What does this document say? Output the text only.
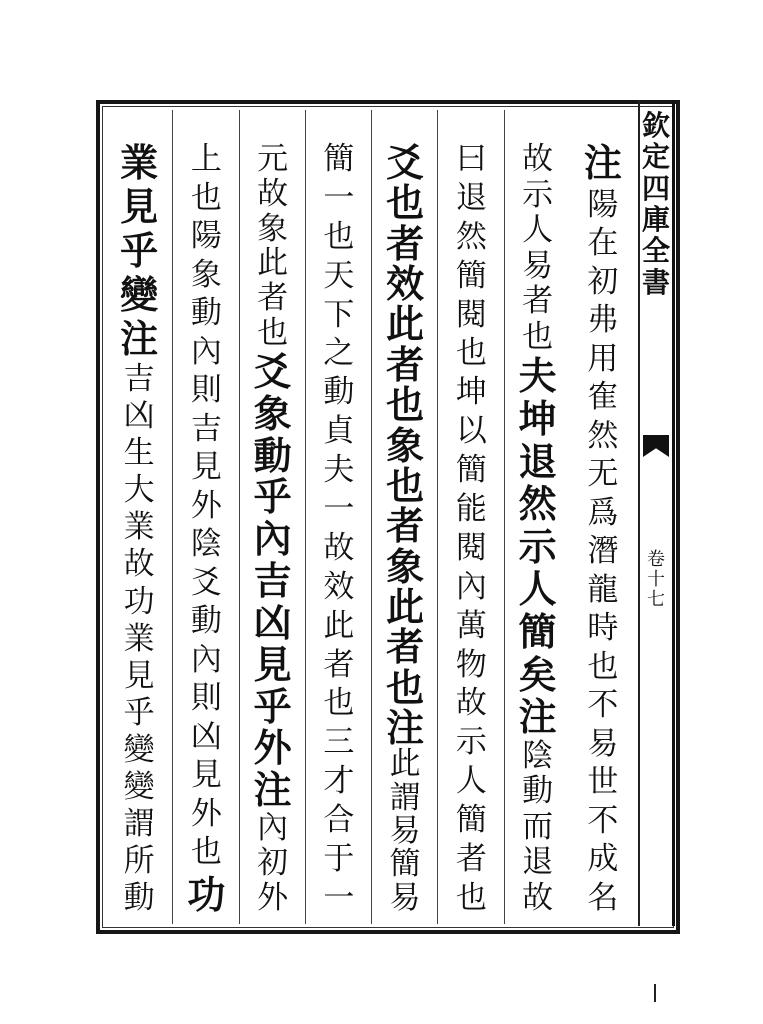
注
陽
在
初
弗
用
隺
然
无
爲
潛
龍
時
也
不
易
世
不
成
名
故
示
人
易
者
也
夫
坤
退
然
示
人
簡
矣
注
陰
動
而
退
故
曰
退
然
簡
閱
也
坤
以
簡
能
閱
內
萬
物
故
示
人
簡
者
也
爻
也
者
效
此
者
也
象
也
者
象
此
者
也
注
此
謂
易
簡
易
簡
一
也
天
下
之
動
貞
夫
一
故
效
此
者
也
三
才
合
于
一
元
故
象
此
者
也
爻
象
動
乎
內
吉
凶
見
乎
外
注
內
初
外
上
也
陽
象
動
內
則
吉
見
外
陰
爻
動
內
則
凶
見
外
也
功
業
見
乎
變
注
吉
凶
生
大
業
故
功
業
見
乎
變
變
謂
所
動
欽
定
四
庫
全
書
卷
十
七
